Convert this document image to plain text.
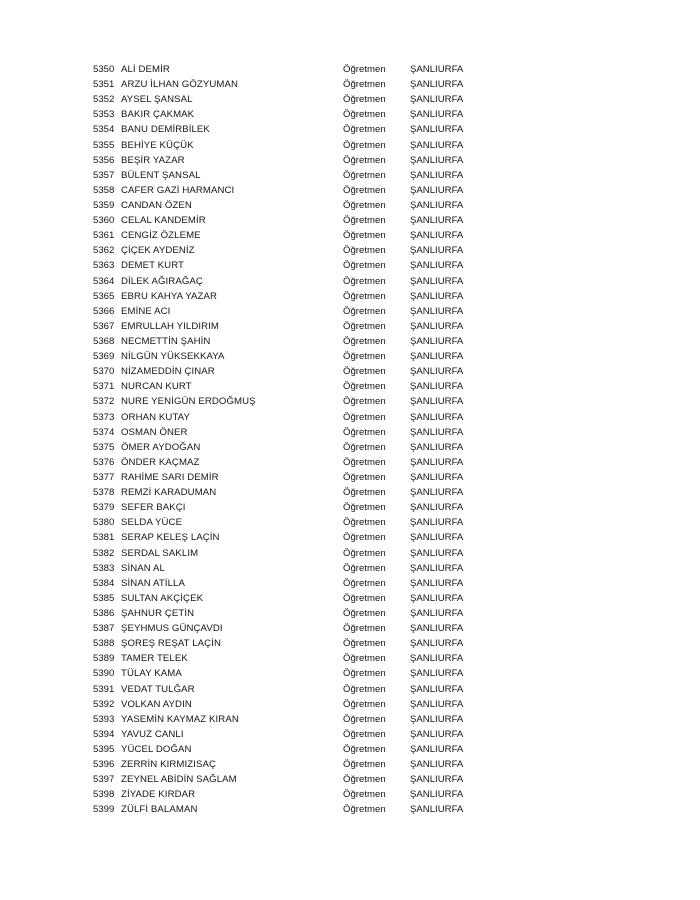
5350 ALİ DEMİR	Öğretmen	ŞANLIURFA
5351 ARZU İLHAN GÖZYUMAN	Öğretmen	ŞANLIURFA
5352 AYSEL ŞANSAL	Öğretmen	ŞANLIURFA
5353 BAKIR ÇAKMAK	Öğretmen	ŞANLIURFA
5354 BANU DEMİRBİLEK	Öğretmen	ŞANLIURFA
5355 BEHİYE KÜÇÜK	Öğretmen	ŞANLIURFA
5356 BEŞİR YAZAR	Öğretmen	ŞANLIURFA
5357 BÜLENT ŞANSAL	Öğretmen	ŞANLIURFA
5358 CAFER GAZİ HARMANCI	Öğretmen	ŞANLIURFA
5359 CANDAN ÖZEN	Öğretmen	ŞANLIURFA
5360 CELAL KANDEMİR	Öğretmen	ŞANLIURFA
5361 CENGİZ ÖZLEME	Öğretmen	ŞANLIURFA
5362 ÇİÇEK AYDENİZ	Öğretmen	ŞANLIURFA
5363 DEMET KURT	Öğretmen	ŞANLIURFA
5364 DİLEK AĞIRAĞAÇ	Öğretmen	ŞANLIURFA
5365 EBRU KAHYA YAZAR	Öğretmen	ŞANLIURFA
5366 EMİNE ACI	Öğretmen	ŞANLIURFA
5367 EMRULLAH YILDIRIM	Öğretmen	ŞANLIURFA
5368 NECMETTİN ŞAHİN	Öğretmen	ŞANLIURFA
5369 NİLGÜN YÜKSEKKAYA	Öğretmen	ŞANLIURFA
5370 NİZAMEDDİN ÇINAR	Öğretmen	ŞANLIURFA
5371 NURCAN KURT	Öğretmen	ŞANLIURFA
5372 NURE YENİGÜN ERDOĞMUŞ	Öğretmen	ŞANLIURFA
5373 ORHAN KUTAY	Öğretmen	ŞANLIURFA
5374 OSMAN ÖNER	Öğretmen	ŞANLIURFA
5375 ÖMER AYDOĞAN	Öğretmen	ŞANLIURFA
5376 ÖNDER KAÇMAZ	Öğretmen	ŞANLIURFA
5377 RAHİME SARI DEMİR	Öğretmen	ŞANLIURFA
5378 REMZİ KARADUMAN	Öğretmen	ŞANLIURFA
5379 SEFER BAKÇI	Öğretmen	ŞANLIURFA
5380 SELDA YÜCE	Öğretmen	ŞANLIURFA
5381 SERAP KELEŞ LAÇİN	Öğretmen	ŞANLIURFA
5382 SERDAL SAKLIM	Öğretmen	ŞANLIURFA
5383 SİNAN AL	Öğretmen	ŞANLIURFA
5384 SİNAN ATİLLA	Öğretmen	ŞANLIURFA
5385 SULTAN AKÇİÇEK	Öğretmen	ŞANLIURFA
5386 ŞAHNUR ÇETİN	Öğretmen	ŞANLIURFA
5387 ŞEYHMUS GÜNÇAVDI	Öğretmen	ŞANLIURFA
5388 ŞOREŞ REŞAT LAÇİN	Öğretmen	ŞANLIURFA
5389 TAMER TELEK	Öğretmen	ŞANLIURFA
5390 TÜLAY KAMA	Öğretmen	ŞANLIURFA
5391 VEDAT TULĞAR	Öğretmen	ŞANLIURFA
5392 VOLKAN AYDIN	Öğretmen	ŞANLIURFA
5393 YASEMİN KAYMAZ KIRAN	Öğretmen	ŞANLIURFA
5394 YAVUZ CANLI	Öğretmen	ŞANLIURFA
5395 YÜCEL DOĞAN	Öğretmen	ŞANLIURFA
5396 ZERRİN KIRMIZISAÇ	Öğretmen	ŞANLIURFA
5397 ZEYNEL ABİDİN SAĞLAM	Öğretmen	ŞANLIURFA
5398 ZİYADE KIRDAR	Öğretmen	ŞANLIURFA
5399 ZÜLFİ BALAMAN	Öğretmen	ŞANLIURFA
